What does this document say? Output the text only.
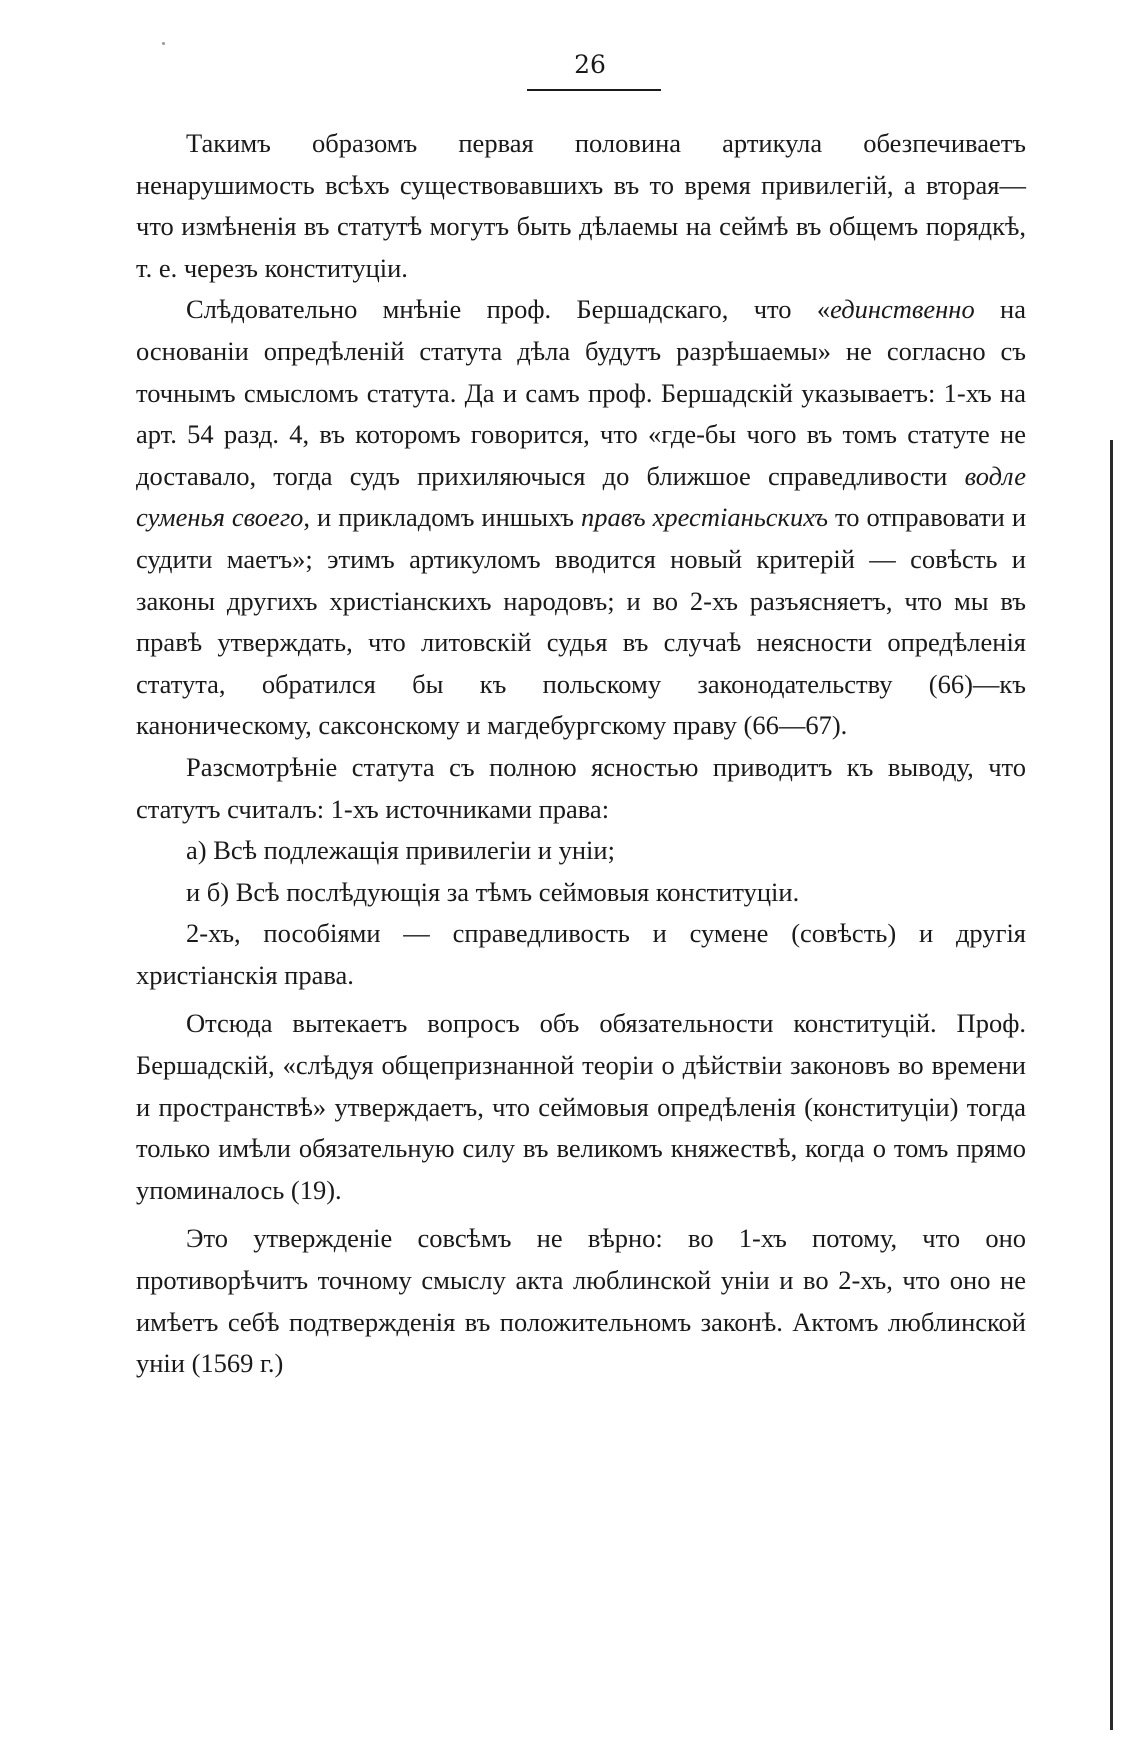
26

Такимъ образомъ первая половина артикула обезпечиваетъ ненарушимость всѣхъ существовавшихъ въ то время привилегій, а вторая—что измѣненія въ статутѣ могутъ быть дѣлаемы на сеймѣ въ общемъ порядкѣ, т. е. черезъ конституціи.

Слѣдовательно мнѣніе проф. Бершадскаго, что «единственно на основаніи опредѣленій статута дѣла будутъ разрѣшаемы» не согласно съ точнымъ смысломъ статута. Да и самъ проф. Бершадскій указываетъ: 1-хъ на арт. 54 разд. 4, въ которомъ говорится, что «где-бы чого въ томъ статуте не доставало, тогда судъ прихиляючыся до ближшое справедливости водле суменья своего, и прикладомъ иншыхъ правъ хрестіаньскихъ то отправовати и судити маетъ»; этимъ артикуломъ вводится новый критерій — совѣсть и законы другихъ христіанскихъ народовъ; и во 2-хъ разъясняетъ, что мы въ правѣ утверждать, что литовскій судья въ случаѣ неясности опредѣленія статута, обратился бы къ польскому законодательству (66)—къ каноническому, саксонскому и магдебургскому праву (66—67).

Разсмотрѣніе статута съ полною ясностью приводитъ къ выводу, что статутъ считалъ: 1-хъ источниками права:

а) Всѣ подлежащія привилегіи и уніи;

и б) Всѣ послѣдующія за тѣмъ сеймовыя конституціи.

2-хъ, пособіями — справедливость и сумене (совѣсть) и другія христіанскія права.

Отсюда вытекаетъ вопросъ объ обязательности конституцій. Проф. Бершадскій, «слѣдуя общепризнанной теоріи о дѣйствіи законовъ во времени и пространствѣ» утверждаетъ, что сеймовыя опредѣленія (конституціи) тогда только имѣли обязательную силу въ великомъ княжествѣ, когда о томъ прямо упоминалось (19).

Это утвержденіе совсѣмъ не вѣрно: во 1-хъ потому, что оно противорѣчитъ точному смыслу акта люблинской уніи и во 2-хъ, что оно не имѣетъ себѣ подтвержденія въ положительномъ законѣ. Актомъ люблинской уніи (1569 г.)
